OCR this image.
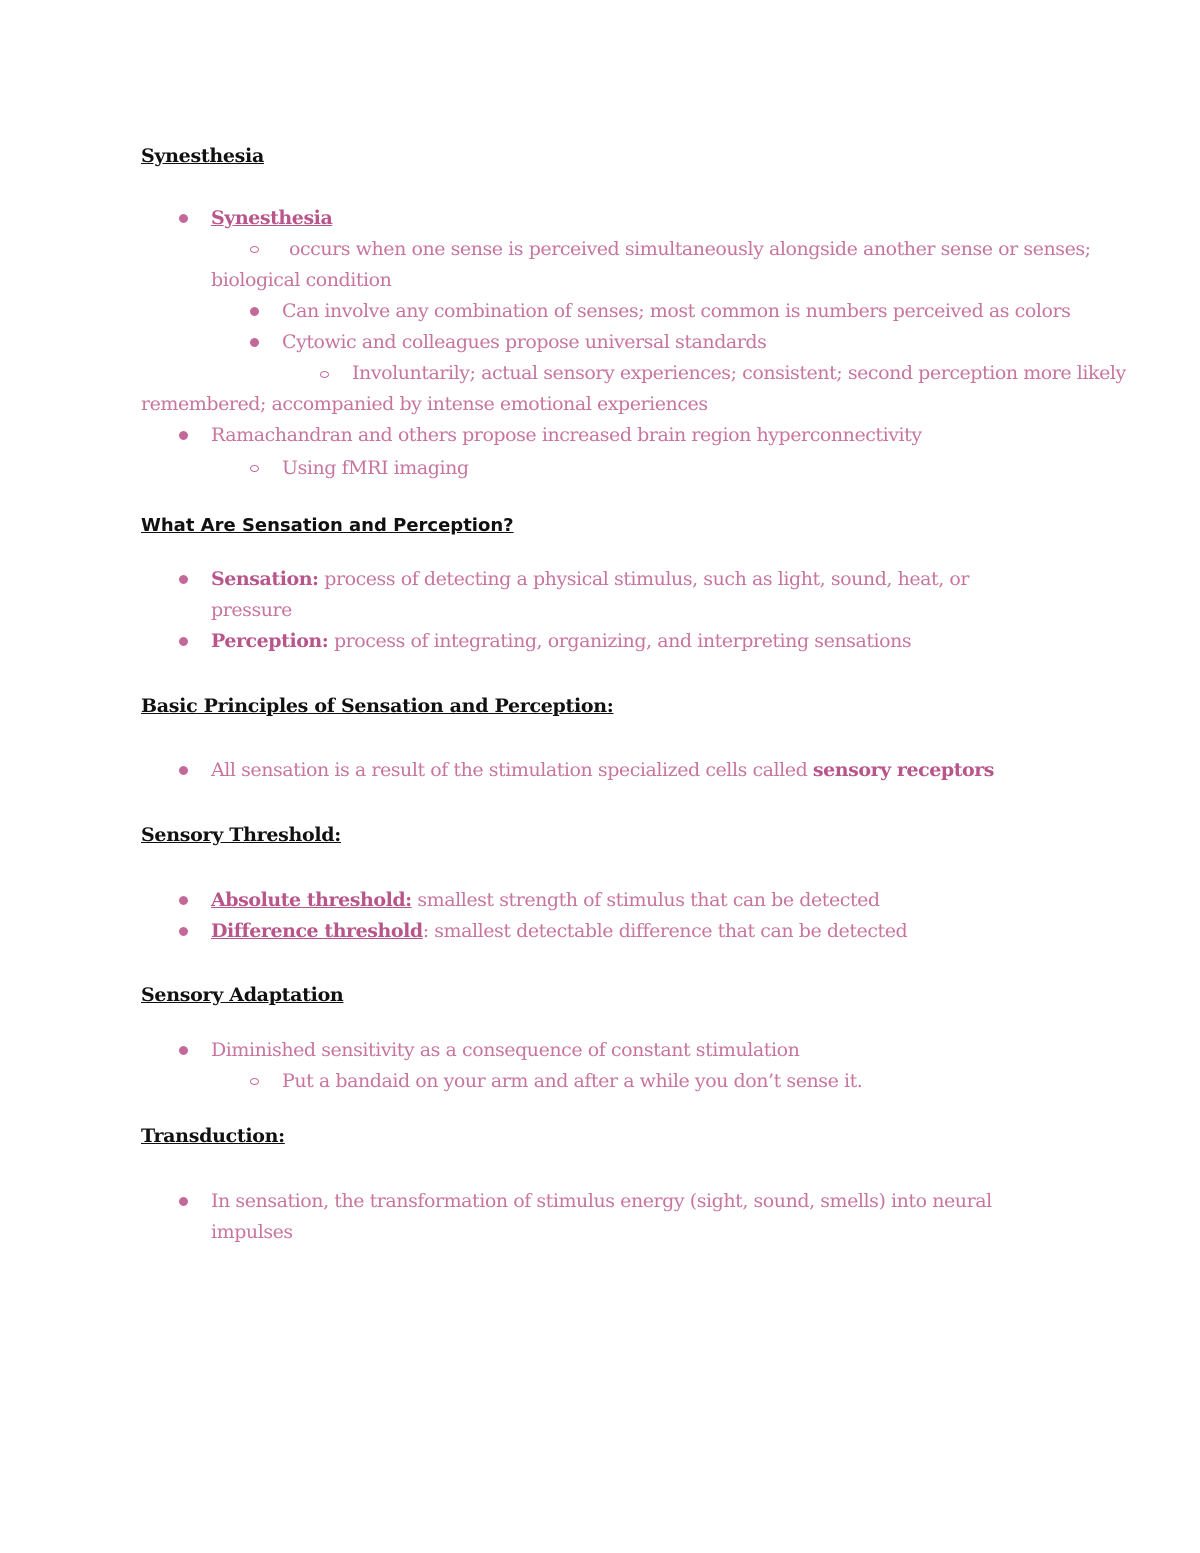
Synesthesia
Synesthesia
occurs when one sense is perceived simultaneously alongside another sense or senses;
biological condition
Can involve any combination of senses; most common is numbers perceived as colors
Cytowic and colleagues propose universal standards
Involuntarily; actual sensory experiences; consistent; second perception more likely
remembered; accompanied by intense emotional experiences
Ramachandran and others propose increased brain region hyperconnectivity
Using fMRI imaging
What Are Sensation and Perception?
Sensation: process of detecting a physical stimulus, such as light, sound, heat, or
pressure
Perception: process of integrating, organizing, and interpreting sensations
Basic Principles of Sensation and Perception:
All sensation is a result of the stimulation specialized cells called sensory receptors
Sensory Threshold:
Absolute threshold: smallest strength of stimulus that can be detected
Difference threshold: smallest detectable difference that can be detected
Sensory Adaptation
Diminished sensitivity as a consequence of constant stimulation
Put a bandaid on your arm and after a while you don’t sense it.
Transduction:
In sensation, the transformation of stimulus energy (sight, sound, smells) into neural
impulses
